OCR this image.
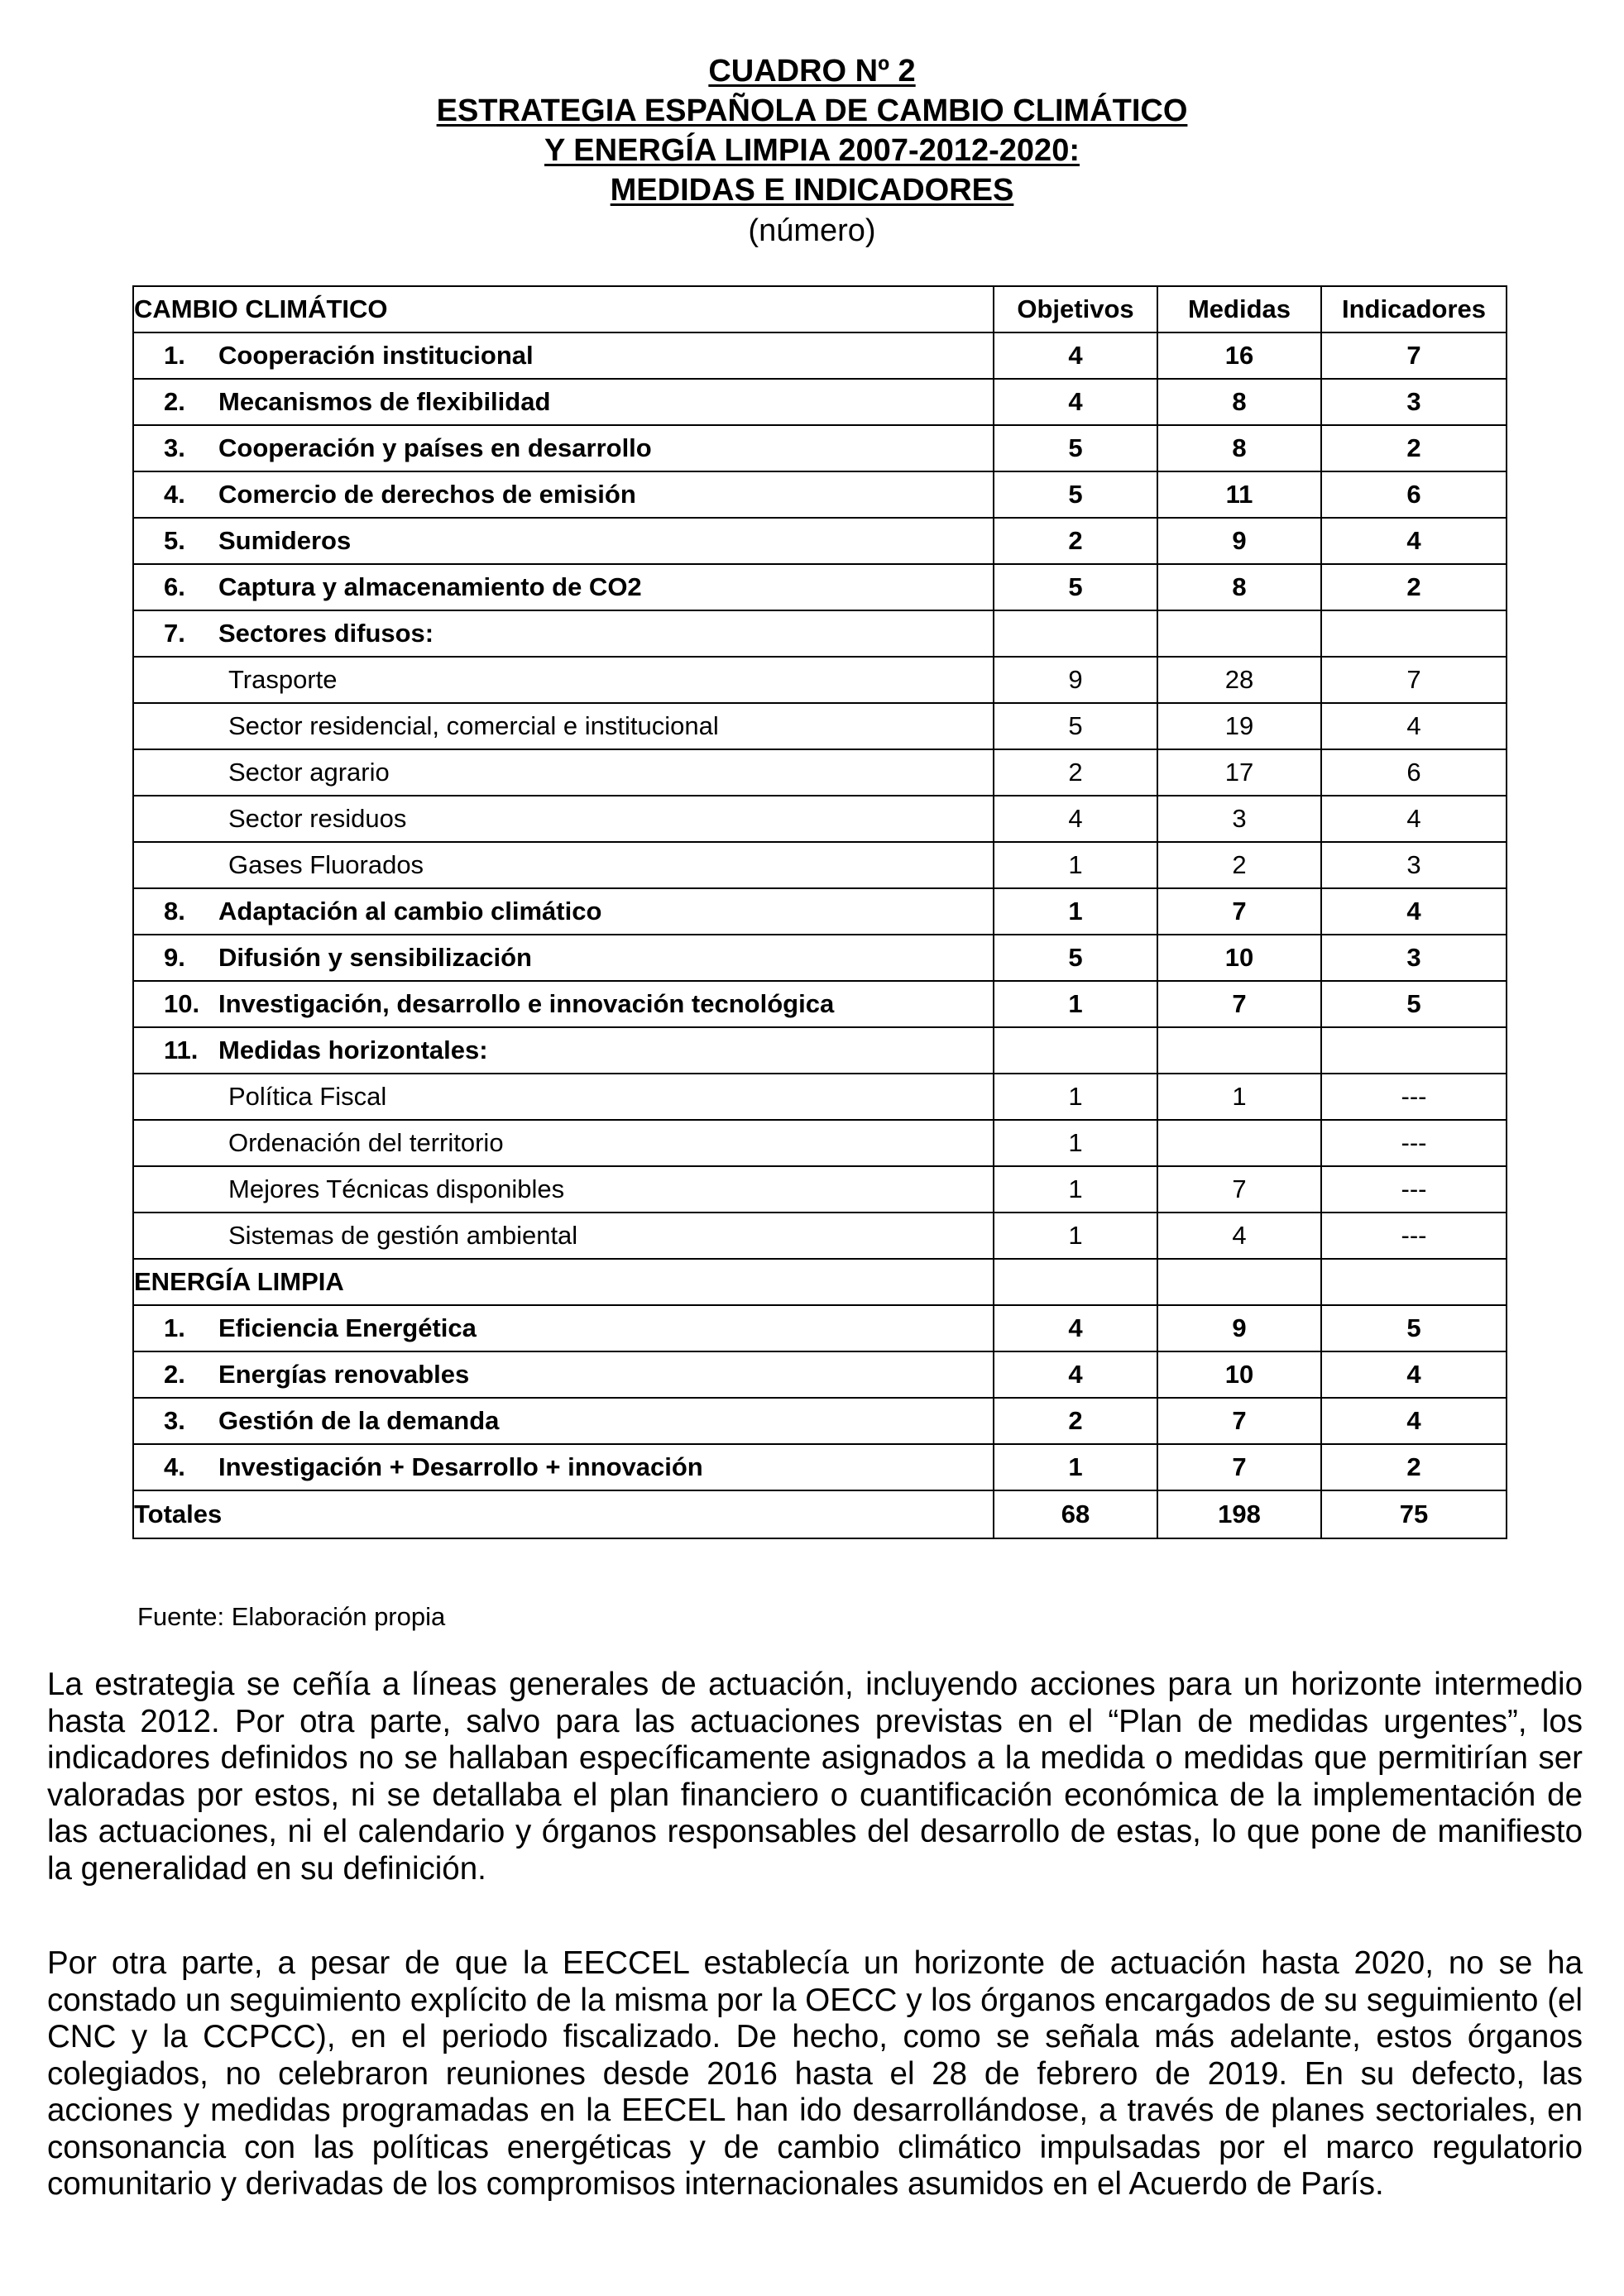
CUADRO Nº 2
ESTRATEGIA ESPAÑOLA DE CAMBIO CLIMÁTICO
Y ENERGÍA LIMPIA 2007-2012-2020:
MEDIDAS E INDICADORES
(número)
CAMBIO CLIMÁTICO	Objetivos	Medidas	Indicadores
1. Cooperación institucional	4	16	7
2. Mecanismos de flexibilidad	4	8	3
3. Cooperación y países en desarrollo	5	8	2
4. Comercio de derechos de emisión	5	11	6
5. Sumideros	2	9	4
6. Captura y almacenamiento de CO2	5	8	2
7. Sectores difusos:			
Trasporte	9	28	7
Sector residencial, comercial e institucional	5	19	4
Sector agrario	2	17	6
Sector residuos	4	3	4
Gases Fluorados	1	2	3
8. Adaptación al cambio climático	1	7	4
9. Difusión y sensibilización	5	10	3
10. Investigación, desarrollo e innovación tecnológica	1	7	5
11. Medidas horizontales:			
Política Fiscal	1	1	---
Ordenación del territorio	1		---
Mejores Técnicas disponibles	1	7	---
Sistemas de gestión ambiental	1	4	---
ENERGÍA LIMPIA			
1. Eficiencia Energética	4	9	5
2. Energías renovables	4	10	4
3. Gestión de la demanda	2	7	4
4. Investigación + Desarrollo + innovación	1	7	2
Totales	68	198	75
Fuente: Elaboración propia

La estrategia se ceñía a líneas generales de actuación, incluyendo acciones para un horizonte intermedio hasta 2012. Por otra parte, salvo para las actuaciones previstas en el “Plan de medidas urgentes”, los indicadores definidos no se hallaban específicamente asignados a la medida o medidas que permitirían ser valoradas por estos, ni se detallaba el plan financiero o cuantificación económica de la implementación de las actuaciones, ni el calendario y órganos responsables del desarrollo de estas, lo que pone de manifiesto la generalidad en su definición.

Por otra parte, a pesar de que la EECCEL establecía un horizonte de actuación hasta 2020, no se ha constado un seguimiento explícito de la misma por la OECC y los órganos encargados de su seguimiento (el CNC y la CCPCC), en el periodo fiscalizado. De hecho, como se señala más adelante, estos órganos colegiados, no celebraron reuniones desde 2016 hasta el 28 de febrero de 2019. En su defecto, las acciones y medidas programadas en la EECEL han ido desarrollándose, a través de planes sectoriales, en consonancia con las políticas energéticas y de cambio climático impulsadas por el marco regulatorio comunitario y derivadas de los compromisos internacionales asumidos en el Acuerdo de París.
